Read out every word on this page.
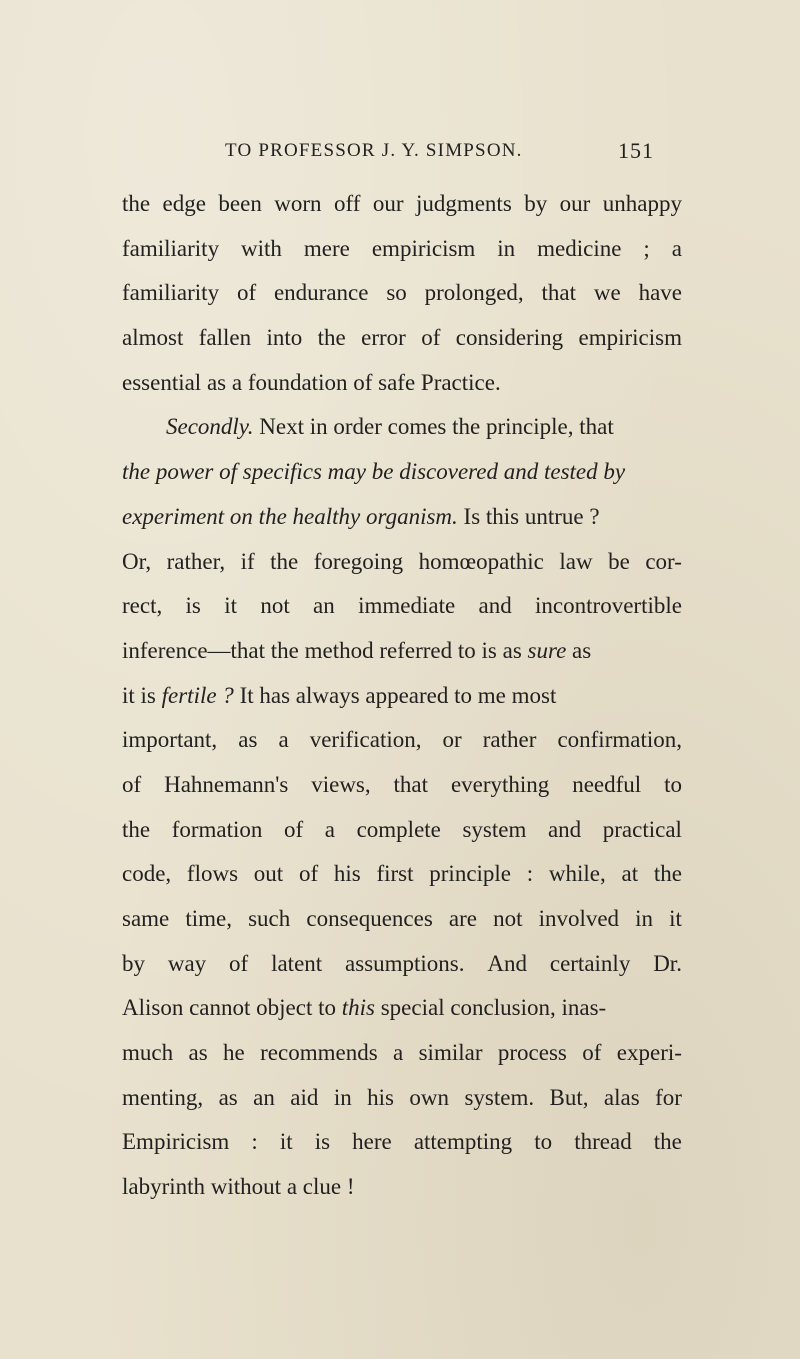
TO PROFESSOR J. Y. SIMPSON.	151
the edge been worn off our judgments by our unhappy
familiarity with mere empiricism in medicine ; a
familiarity of endurance so prolonged, that we have
almost fallen into the error of considering empiricism
essential as a foundation of safe Practice.
Secondly. Next in order comes the principle, that
the power of specifics may be discovered and tested by
experiment on the healthy organism. Is this untrue ?
Or, rather, if the foregoing homœopathic law be cor-
rect, is it not an immediate and incontrovertible
inference—that the method referred to is as sure as
it is fertile ? It has always appeared to me most
important, as a verification, or rather confirmation,
of Hahnemann's views, that everything needful to
the formation of a complete system and practical
code, flows out of his first principle : while, at the
same time, such consequences are not involved in it
by way of latent assumptions. And certainly Dr.
Alison cannot object to this special conclusion, inas-
much as he recommends a similar process of experi-
menting, as an aid in his own system. But, alas for
Empiricism : it is here attempting to thread the
labyrinth without a clue !
